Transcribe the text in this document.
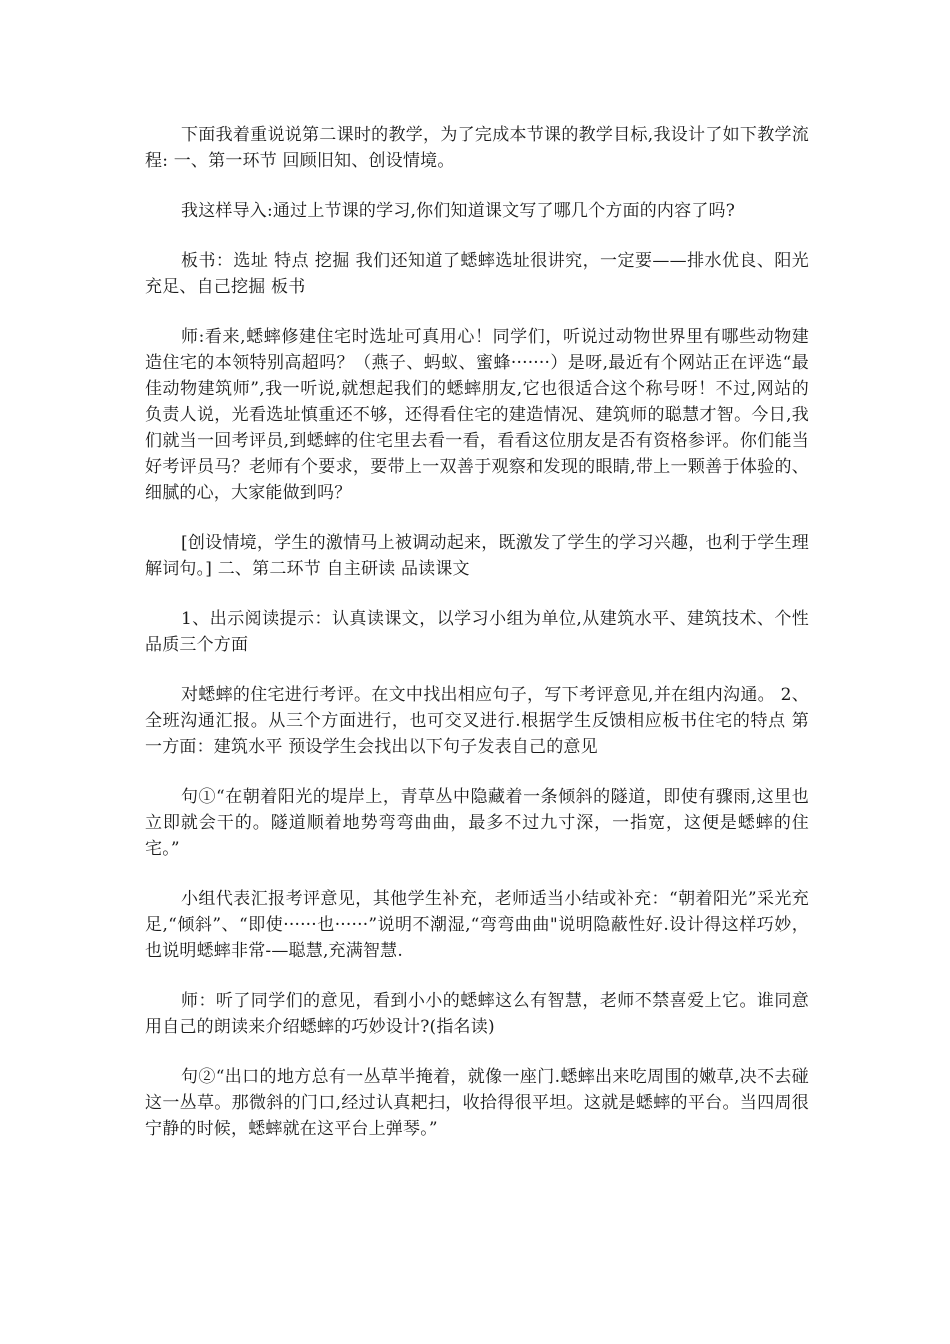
下面我着重说说第二课时的教学，为了完成本节课的教学目标,我设计了如下教学流程: 一、第一环节 回顾旧知、创设情境。

我这样导入:通过上节课的学习,你们知道课文写了哪几个方面的内容了吗?

板书：选址 特点 挖掘 我们还知道了蟋蟀选址很讲究，一定要——排水优良、阳光充足、自己挖掘 板书

师:看来,蟋蟀修建住宅时选址可真用心！同学们，听说过动物世界里有哪些动物建造住宅的本领特别高超吗？（燕子、蚂蚁、蜜蜂·······）是呀,最近有个网站正在评选“最佳动物建筑师”,我一听说,就想起我们的蟋蟀朋友,它也很适合这个称号呀！不过,网站的负责人说，光看选址慎重还不够，还得看住宅的建造情况、建筑师的聪慧才智。今日,我们就当一回考评员,到蟋蟀的住宅里去看一看，看看这位朋友是否有资格参评。你们能当好考评员马？老师有个要求，要带上一双善于观察和发现的眼睛,带上一颗善于体验的、细腻的心，大家能做到吗？

[创设情境，学生的激情马上被调动起来，既激发了学生的学习兴趣，也利于学生理解词句。] 二、第二环节 自主研读 品读课文

1、出示阅读提示：认真读课文，以学习小组为单位,从建筑水平、建筑技术、个性品质三个方面

对蟋蟀的住宅进行考评。在文中找出相应句子，写下考评意见,并在组内沟通。 2、全班沟通汇报。从三个方面进行，也可交叉进行.根据学生反馈相应板书住宅的特点 第一方面：建筑水平 预设学生会找出以下句子发表自己的意见

句①“在朝着阳光的堤岸上，青草丛中隐藏着一条倾斜的隧道，即使有骤雨,这里也立即就会干的。隧道顺着地势弯弯曲曲，最多不过九寸深，一指宽，这便是蟋蟀的住宅。”

小组代表汇报考评意见，其他学生补充，老师适当小结或补充：“朝着阳光”采光充足,“倾斜”、“即使······也······”说明不潮湿,“弯弯曲曲"说明隐蔽性好.设计得这样巧妙，也说明蟋蟀非常-—聪慧,充满智慧.

师：听了同学们的意见，看到小小的蟋蟀这么有智慧，老师不禁喜爱上它。谁同意用自己的朗读来介绍蟋蟀的巧妙设计?(指名读)

句②“出口的地方总有一丛草半掩着，就像一座门.蟋蟀出来吃周围的嫩草,决不去碰这一丛草。那微斜的门口,经过认真耙扫，收拾得很平坦。这就是蟋蟀的平台。当四周很宁静的时候，蟋蟀就在这平台上弹琴。”
